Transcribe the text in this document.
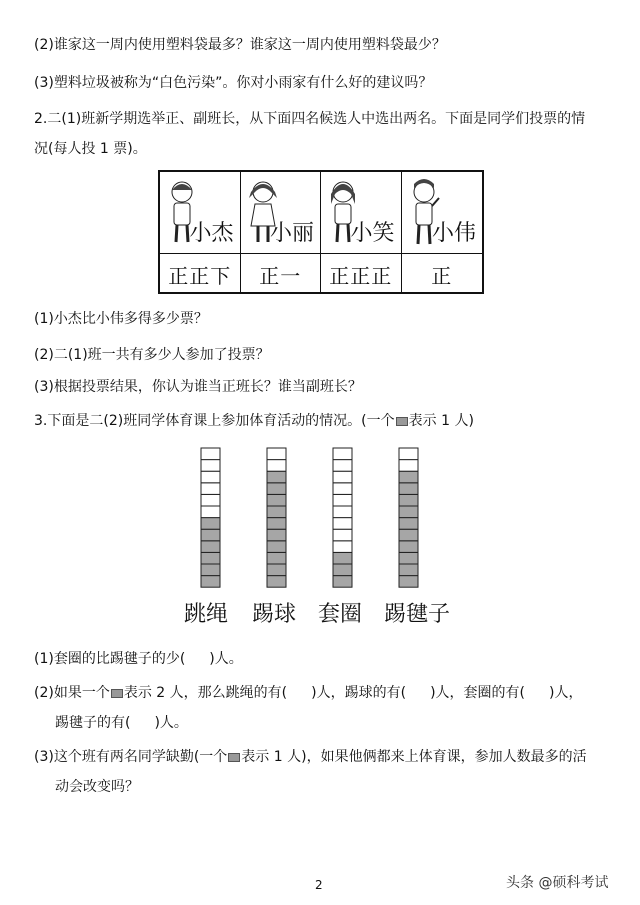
(2)谁家这一周内使用塑料袋最多？谁家这一周内使用塑料袋最少？
(3)塑料垃圾被称为“白色污染”。你对小雨家有什么好的建议吗？
2.二(1)班新学期选举正、副班长，从下面四名候选人中选出两名。下面是同学们投票的情
况(每人投 1 票)。
小杰 小丽 小笑 小伟
正正下	正一	正正正	正
(1)小杰比小伟多得多少票？
(2)二(1)班一共有多少人参加了投票？
(3)根据投票结果，你认为谁当正班长？谁当副班长？
3.下面是二(2)班同学体育课上参加体育活动的情况。(一个 表示 1 人)
跳绳 踢球 套圈 踢毽子
(1)套圈的比踢毽子的少( )人。
(2)如果一个 表示 2 人，那么跳绳的有( )人，踢球的有( )人，套圈的有( )人，
踢毽子的有( )人。
(3)这个班有两名同学缺勤(一个 表示 1 人)，如果他俩都来上体育课，参加人数最多的活
动会改变吗？
2	头条 @硕科考试
